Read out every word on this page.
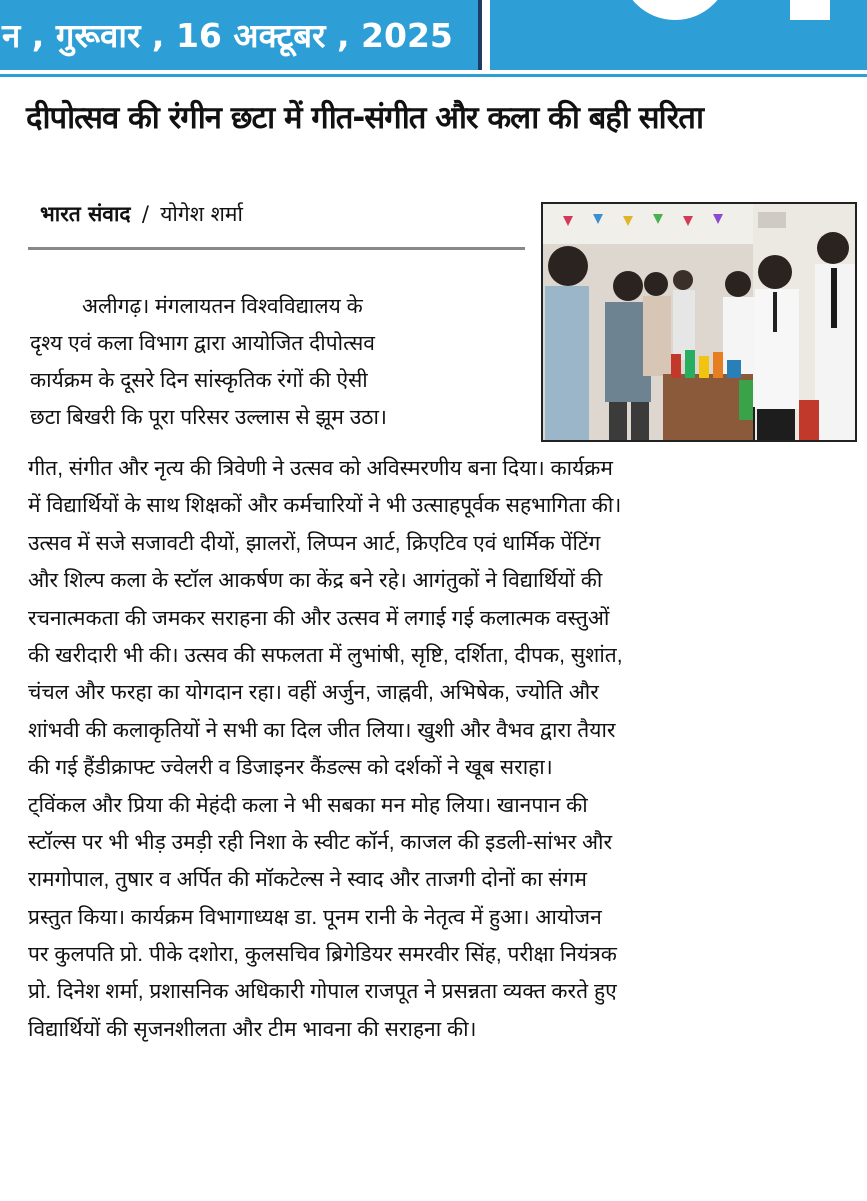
न , गुरूवार , 16 अक्टूबर , 2025
दीपोत्सव की रंगीन छटा में गीत-संगीत और कला की बही सरिता
भारत संवाद / योगेश शर्मा
अलीगढ़। मंगलायतन विश्वविद्यालय के
दृश्य एवं कला विभाग द्वारा आयोजित दीपोत्सव
कार्यक्रम के दूसरे दिन सांस्कृतिक रंगों की ऐसी
छटा बिखरी कि पूरा परिसर उल्लास से झूम उठा।
गीत, संगीत और नृत्य की त्रिवेणी ने उत्सव को अविस्मरणीय बना दिया। कार्यक्रम
में विद्यार्थियों के साथ शिक्षकों और कर्मचारियों ने भी उत्साहपूर्वक सहभागिता की।
उत्सव में सजे सजावटी दीयों, झालरों, लिप्पन आर्ट, क्रिएटिव एवं धार्मिक पेंटिंग
और शिल्प कला के स्टॉल आकर्षण का केंद्र बने रहे। आगंतुकों ने विद्यार्थियों की
रचनात्मकता की जमकर सराहना की और उत्सव में लगाई गई कलात्मक वस्तुओं
की खरीदारी भी की। उत्सव की सफलता में लुभांषी, सृष्टि, दर्शिता, दीपक, सुशांत,
चंचल और फरहा का योगदान रहा। वहीं अर्जुन, जाह्नवी, अभिषेक, ज्योति और
शांभवी की कलाकृतियों ने सभी का दिल जीत लिया। खुशी और वैभव द्वारा तैयार
की गई हैंडीक्राफ्ट ज्वेलरी व डिजाइनर कैंडल्स को दर्शकों ने खूब सराहा।
ट्विंकल और प्रिया की मेहंदी कला ने भी सबका मन मोह लिया। खानपान की
स्टॉल्स पर भी भीड़ उमड़ी रही निशा के स्वीट कॉर्न, काजल की इडली-सांभर और
रामगोपाल, तुषार व अर्पित की मॉकटेल्स ने स्वाद और ताजगी दोनों का संगम
प्रस्तुत किया। कार्यक्रम विभागाध्यक्ष डा. पूनम रानी के नेतृत्व में हुआ। आयोजन
पर कुलपति प्रो. पीके दशोरा, कुलसचिव ब्रिगेडियर समरवीर सिंह, परीक्षा नियंत्रक
प्रो. दिनेश शर्मा, प्रशासनिक अधिकारी गोपाल राजपूत ने प्रसन्नता व्यक्त करते हुए
विद्यार्थियों की सृजनशीलता और टीम भावना की सराहना की।
